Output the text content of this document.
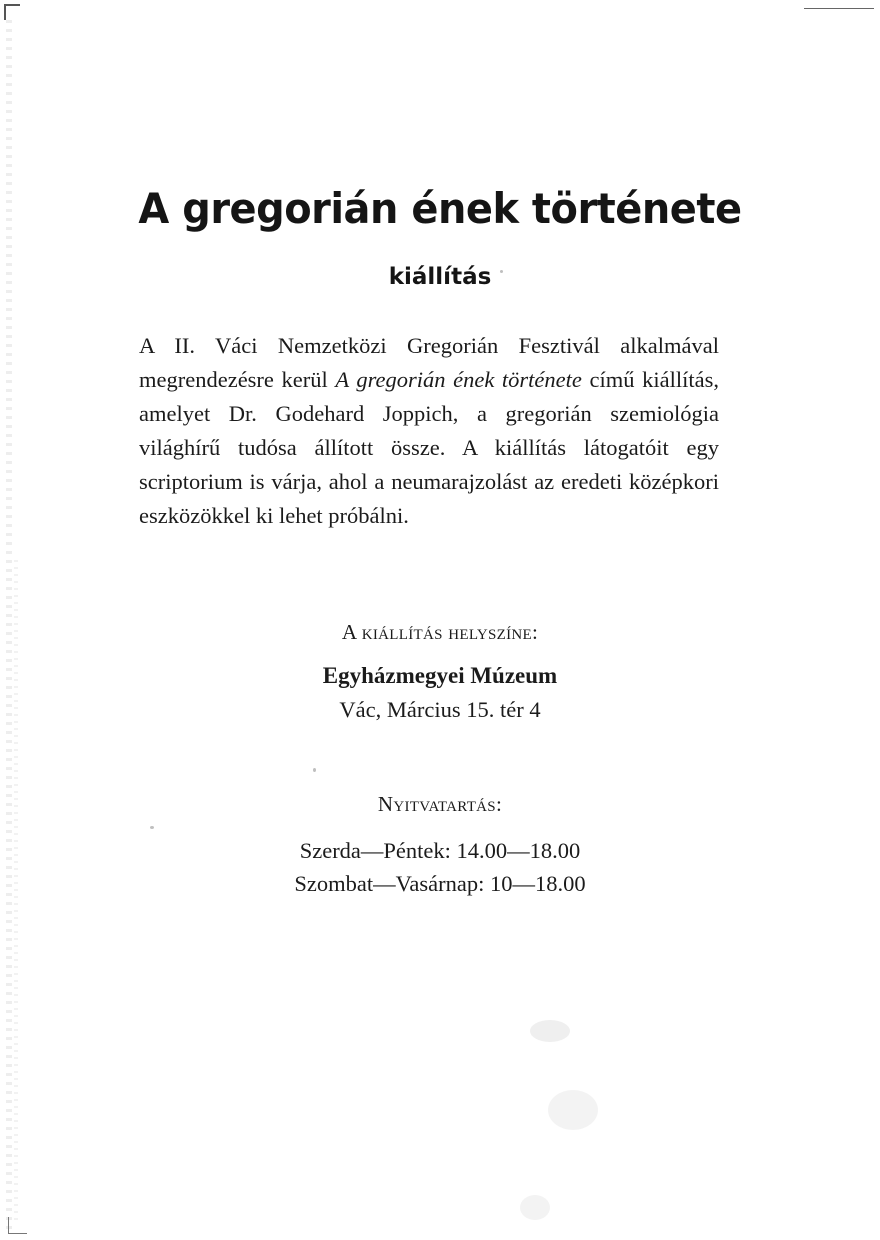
A gregorián ének története
kiállítás
A II. Váci Nemzetközi Gregorián Fesztivál alkalmával megrendezésre kerül A gregorián ének története című kiállítás, amelyet Dr. Godehard Joppich, a gregorián szemiológia világhírű tudósa állított össze. A kiállítás látogatóit egy scriptorium is várja, ahol a neumarajzolást az eredeti középkori eszközökkel ki lehet próbálni.
A kiállítás helyszíne:
Egyházmegyei Múzeum
Vác, Március 15. tér 4
Nyitvatartás:
Szerda—Péntek: 14.00—18.00
Szombat—Vasárnap: 10—18.00
